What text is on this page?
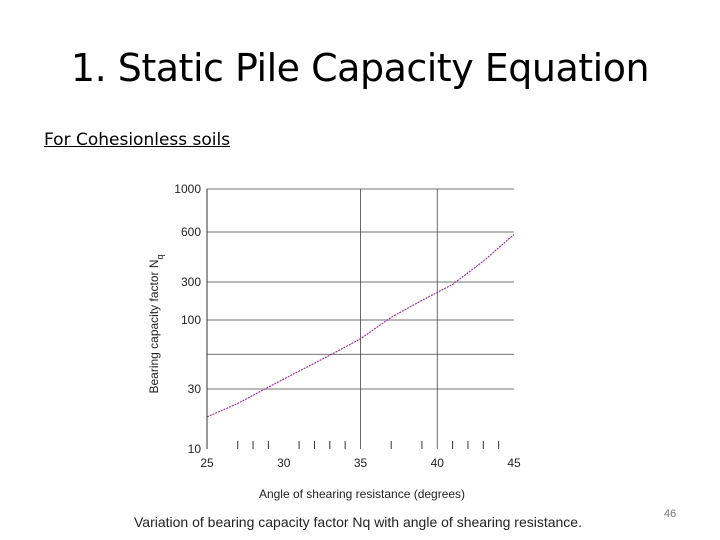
1. Static Pile Capacity Equation
For Cohesionless soils
1000
600
300
100
30
10
25	30	35	40	45
Bearing capacity factor $N_q$
Angle of shearing resistance (degrees)
Variation of bearing capacity factor Nq with angle of shearing resistance.	46
